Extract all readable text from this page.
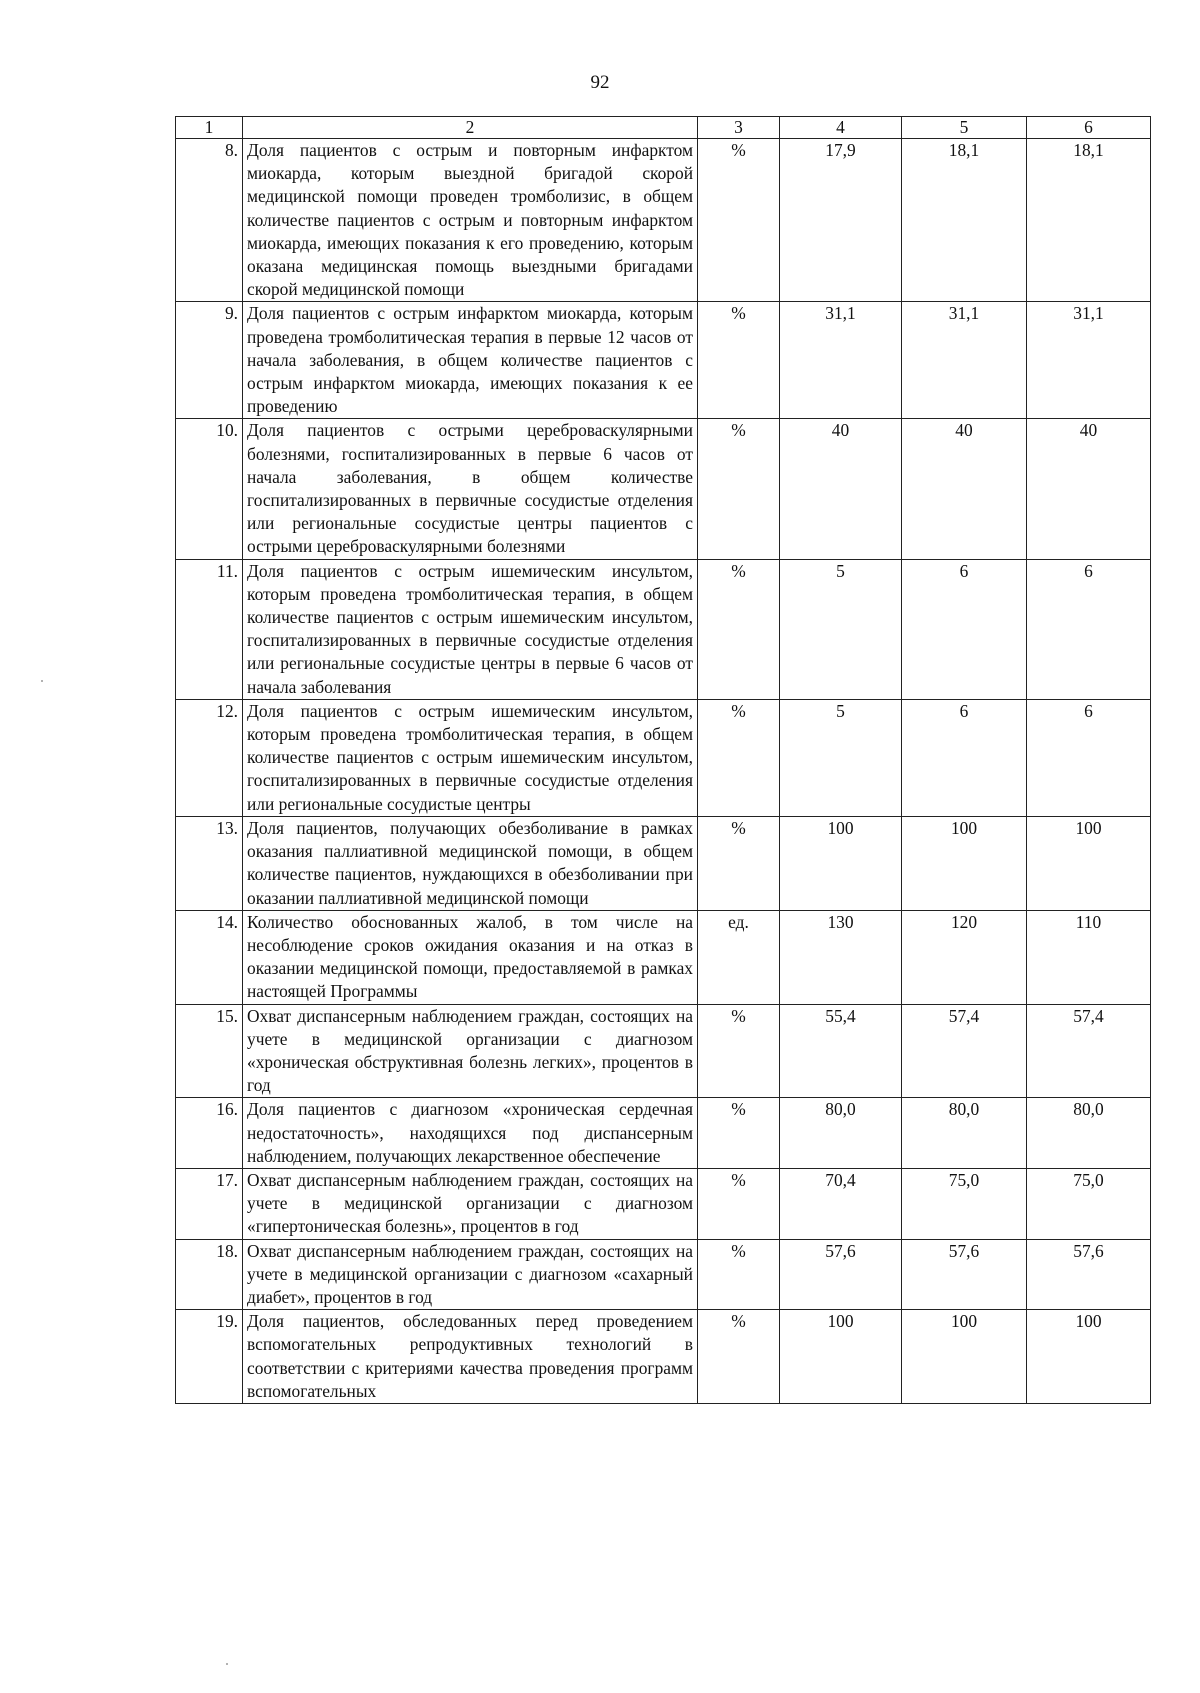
92
1	2	3	4	5	6
8.	Доля пациентов с острым и повторным инфарктом миокарда, которым выездной бригадой скорой медицинской помощи проведен тромболизис, в общем количестве пациентов с острым и повторным инфарктом миокарда, имеющих показания к его проведению, которым оказана медицинская помощь выездными бригадами скорой медицинской помощи	%	17,9	18,1	18,1
9.	Доля пациентов с острым инфарктом миокарда, которым проведена тромболитическая терапия в первые 12 часов от начала заболевания, в общем количестве пациентов с острым инфарктом миокарда, имеющих показания к ее проведению	%	31,1	31,1	31,1
10.	Доля пациентов с острыми цереброваскулярными болезнями, госпитализированных в первые 6 часов от начала заболевания, в общем количестве госпитализированных в первичные сосудистые отделения или региональные сосудистые центры пациентов с острыми цереброваскулярными болезнями	%	40	40	40
11.	Доля пациентов с острым ишемическим инсультом, которым проведена тромболитическая терапия, в общем количестве пациентов с острым ишемическим инсультом, госпитализированных в первичные сосудистые отделения или региональные сосудистые центры в первые 6 часов от начала заболевания	%	5	6	6
12.	Доля пациентов с острым ишемическим инсультом, которым проведена тромболитическая терапия, в общем количестве пациентов с острым ишемическим инсультом, госпитализированных в первичные сосудистые отделения или региональные сосудистые центры	%	5	6	6
13.	Доля пациентов, получающих обезболивание в рамках оказания паллиативной медицинской помощи, в общем количестве пациентов, нуждающихся в обезболивании при оказании паллиативной медицинской помощи	%	100	100	100
14.	Количество обоснованных жалоб, в том числе на несоблюдение сроков ожидания оказания и на отказ в оказании медицинской помощи, предоставляемой в рамках настоящей Программы	ед.	130	120	110
15.	Охват диспансерным наблюдением граждан, состоящих на учете в медицинской организации с диагнозом «хроническая обструктивная болезнь легких», процентов в год	%	55,4	57,4	57,4
16.	Доля пациентов с диагнозом «хроническая сердечная недостаточность», находящихся под диспансерным наблюдением, получающих лекарственное обеспечение	%	80,0	80,0	80,0
17.	Охват диспансерным наблюдением граждан, состоящих на учете в медицинской организации с диагнозом «гипертоническая болезнь», процентов в год	%	70,4	75,0	75,0
18.	Охват диспансерным наблюдением граждан, состоящих на учете в медицинской организации с диагнозом «сахарный диабет», процентов в год	%	57,6	57,6	57,6
19.	Доля пациентов, обследованных перед проведением вспомогательных репродуктивных технологий в соответствии с критериями качества проведения программ вспомогательных	%	100	100	100
